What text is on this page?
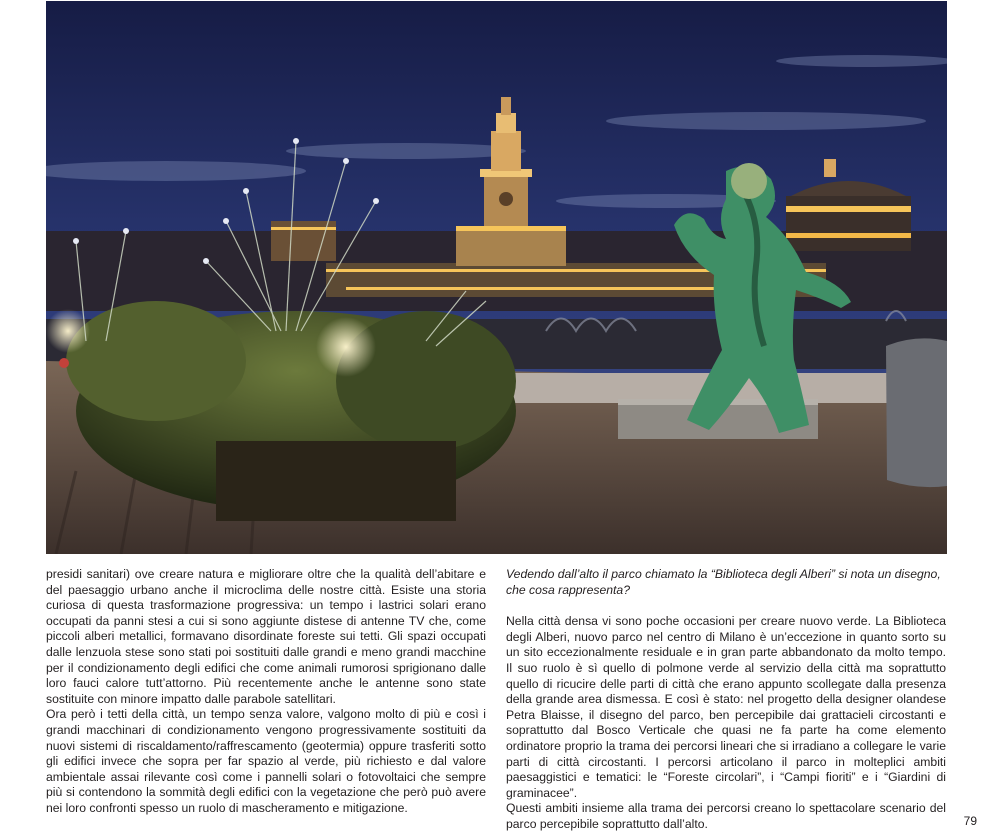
presidi sanitari) ove creare natura e migliorare oltre che la qualità dell’abitare e del paesaggio urbano anche il microclima delle nostre città. Esiste una storia curiosa di questa trasformazione progressiva: un tempo i lastrici solari erano occupati da panni stesi a cui si sono aggiunte distese di antenne TV che, come piccoli alberi metallici, formavano disordinate foreste sui tetti. Gli spazi occupati dalle lenzuola stese sono stati poi sostituiti dalle grandi e meno grandi macchine per il condizionamento degli edifici che come animali rumorosi sprigionano dalle loro fauci calore tutt’attorno. Più recentemente anche le antenne sono state sostituite con minore impatto dalle parabole satellitari.

Ora però i tetti della città, un tempo senza valore, valgono molto di più e così i grandi macchinari di condizionamento vengono progressivamente sostituiti da nuovi sistemi di riscaldamento/raffrescamento (geotermia) oppure trasferiti sotto gli edifici invece che sopra per far spazio al verde, più richiesto e dal valore ambientale assai rilevante così come i pannelli solari o fotovoltaici che sempre più si contendono la sommità degli edifici con la vegetazione che però può avere nei loro confronti spesso un ruolo di mascheramento e mitigazione.

Vedendo dall’alto il parco chiamato la “Biblioteca degli Alberi” si nota un disegno, che cosa rappresenta?

Nella città densa vi sono poche occasioni per creare nuovo verde. La Biblioteca degli Alberi, nuovo parco nel centro di Milano è un’eccezione in quanto sorto su un sito eccezionalmente residuale e in gran parte abbandonato da molto tempo. Il suo ruolo è sì quello di polmone verde al servizio della città ma soprattutto quello di ricucire delle parti di città che erano appunto scollegate dalla presenza della grande area dismessa. E così è stato: nel progetto della designer olandese Petra Blaisse, il disegno del parco, ben percepibile dai grattacieli circostanti e soprattutto dal Bosco Verticale che quasi ne fa parte ha come elemento ordinatore proprio la trama dei percorsi lineari che si irradiano a collegare le varie parti di città circostanti. I percorsi articolano il parco in molteplici ambiti paesaggistici e tematici: le “Foreste circolari”, i “Campi fioriti” e i “Giardini di graminacee”.

Questi ambiti insieme alla trama dei percorsi creano lo spettacolare scenario del parco percepibile soprattutto dall’alto.	79
